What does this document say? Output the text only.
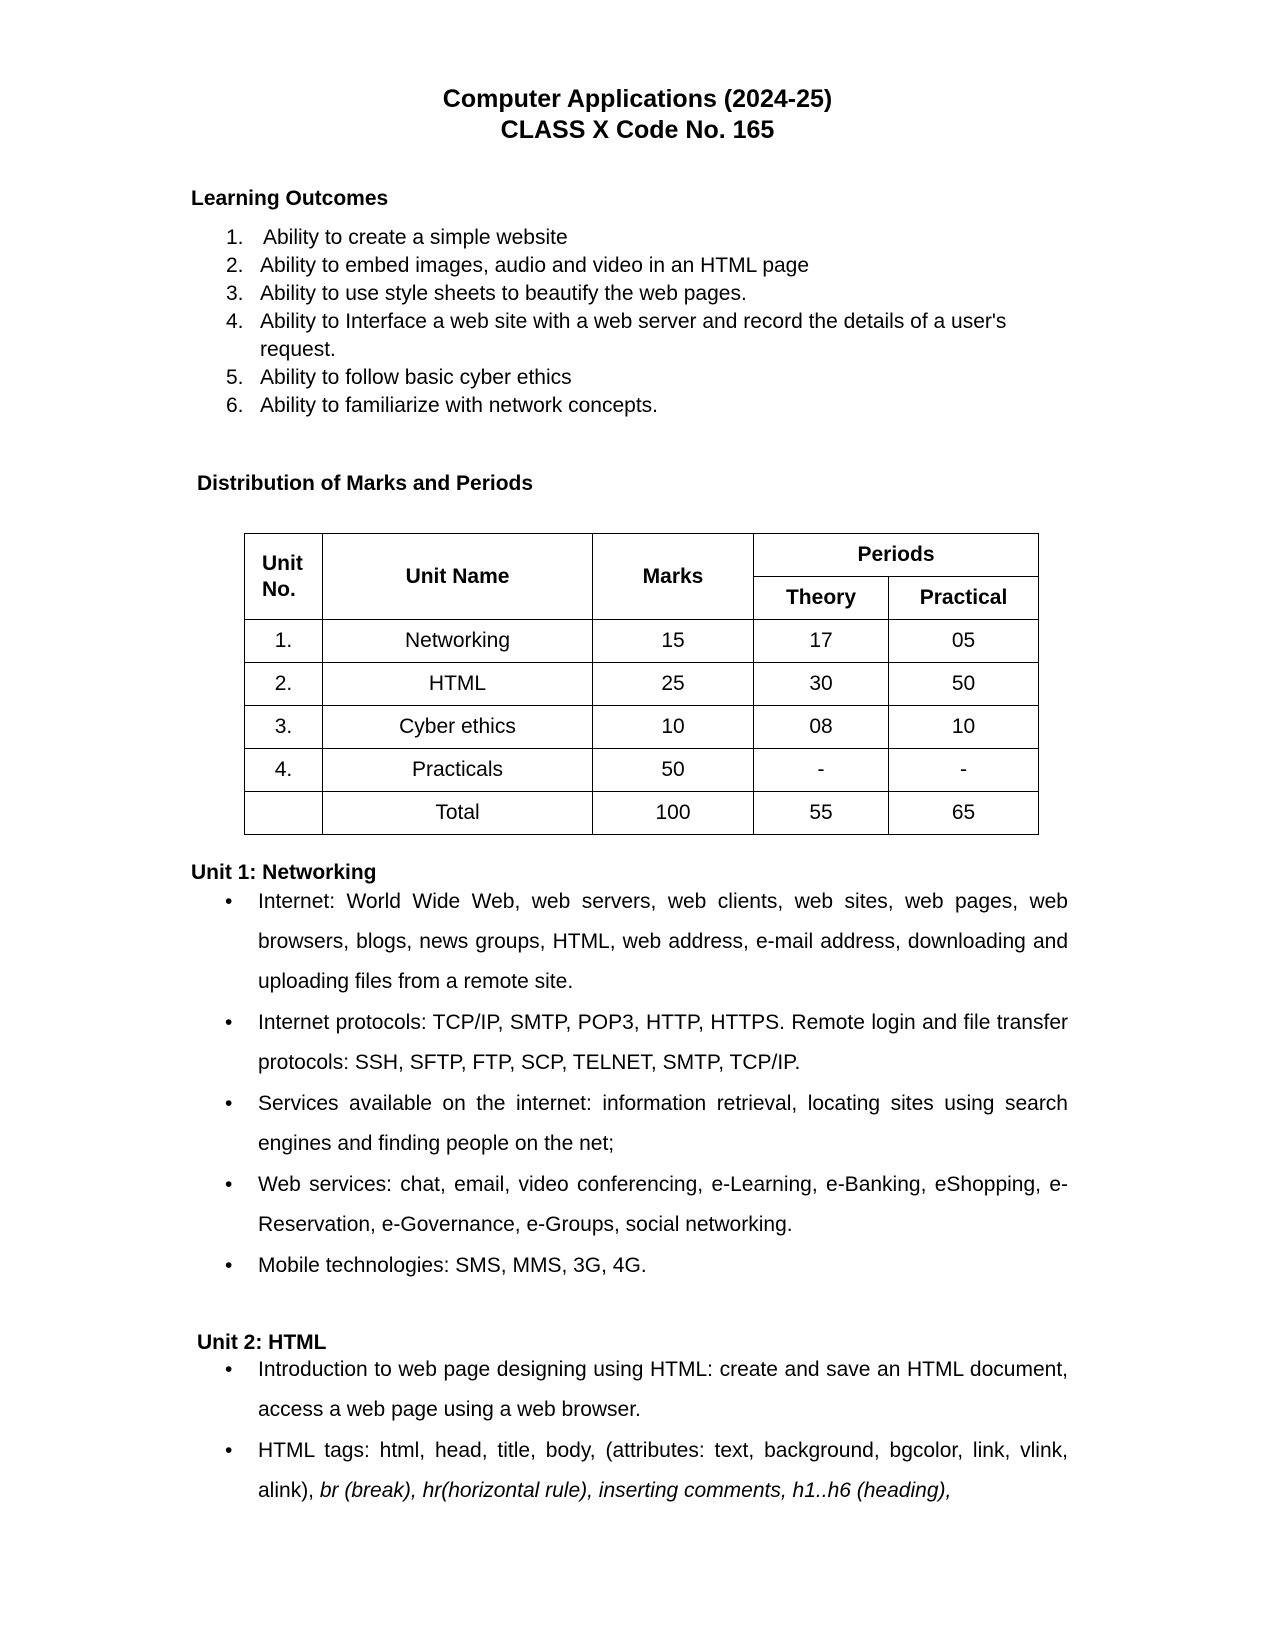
Computer Applications (2024-25)
CLASS X Code No. 165
Learning Outcomes
1. Ability to create a simple website
2. Ability to embed images, audio and video in an HTML page
3. Ability to use style sheets to beautify the web pages.
4. Ability to Interface a web site with a web server and record the details of a user's request.
5. Ability to follow basic cyber ethics
6. Ability to familiarize with network concepts.
Distribution of Marks and Periods
Unit No.	Unit Name	Marks	Periods	
			Theory	Practical
1.	Networking	15	17	05
2.	HTML	25	30	50
3.	Cyber ethics	10	08	10
4.	Practicals	50	-	-
	Total	100	55	65
Unit 1: Networking
• Internet: World Wide Web, web servers, web clients, web sites, web pages, web browsers, blogs, news groups, HTML, web address, e-mail address, downloading and uploading files from a remote site.
• Internet protocols: TCP/IP, SMTP, POP3, HTTP, HTTPS. Remote login and file transfer protocols: SSH, SFTP, FTP, SCP, TELNET, SMTP, TCP/IP.
• Services available on the internet: information retrieval, locating sites using search engines and finding people on the net;
• Web services: chat, email, video conferencing, e-Learning, e-Banking, eShopping, e-Reservation, e-Governance, e-Groups, social networking.
• Mobile technologies: SMS, MMS, 3G, 4G.
Unit 2: HTML
• Introduction to web page designing using HTML: create and save an HTML document, access a web page using a web browser.
• HTML tags: html, head, title, body, (attributes: text, background, bgcolor, link, vlink, alink), br (break), hr(horizontal rule), inserting comments, h1..h6 (heading),
